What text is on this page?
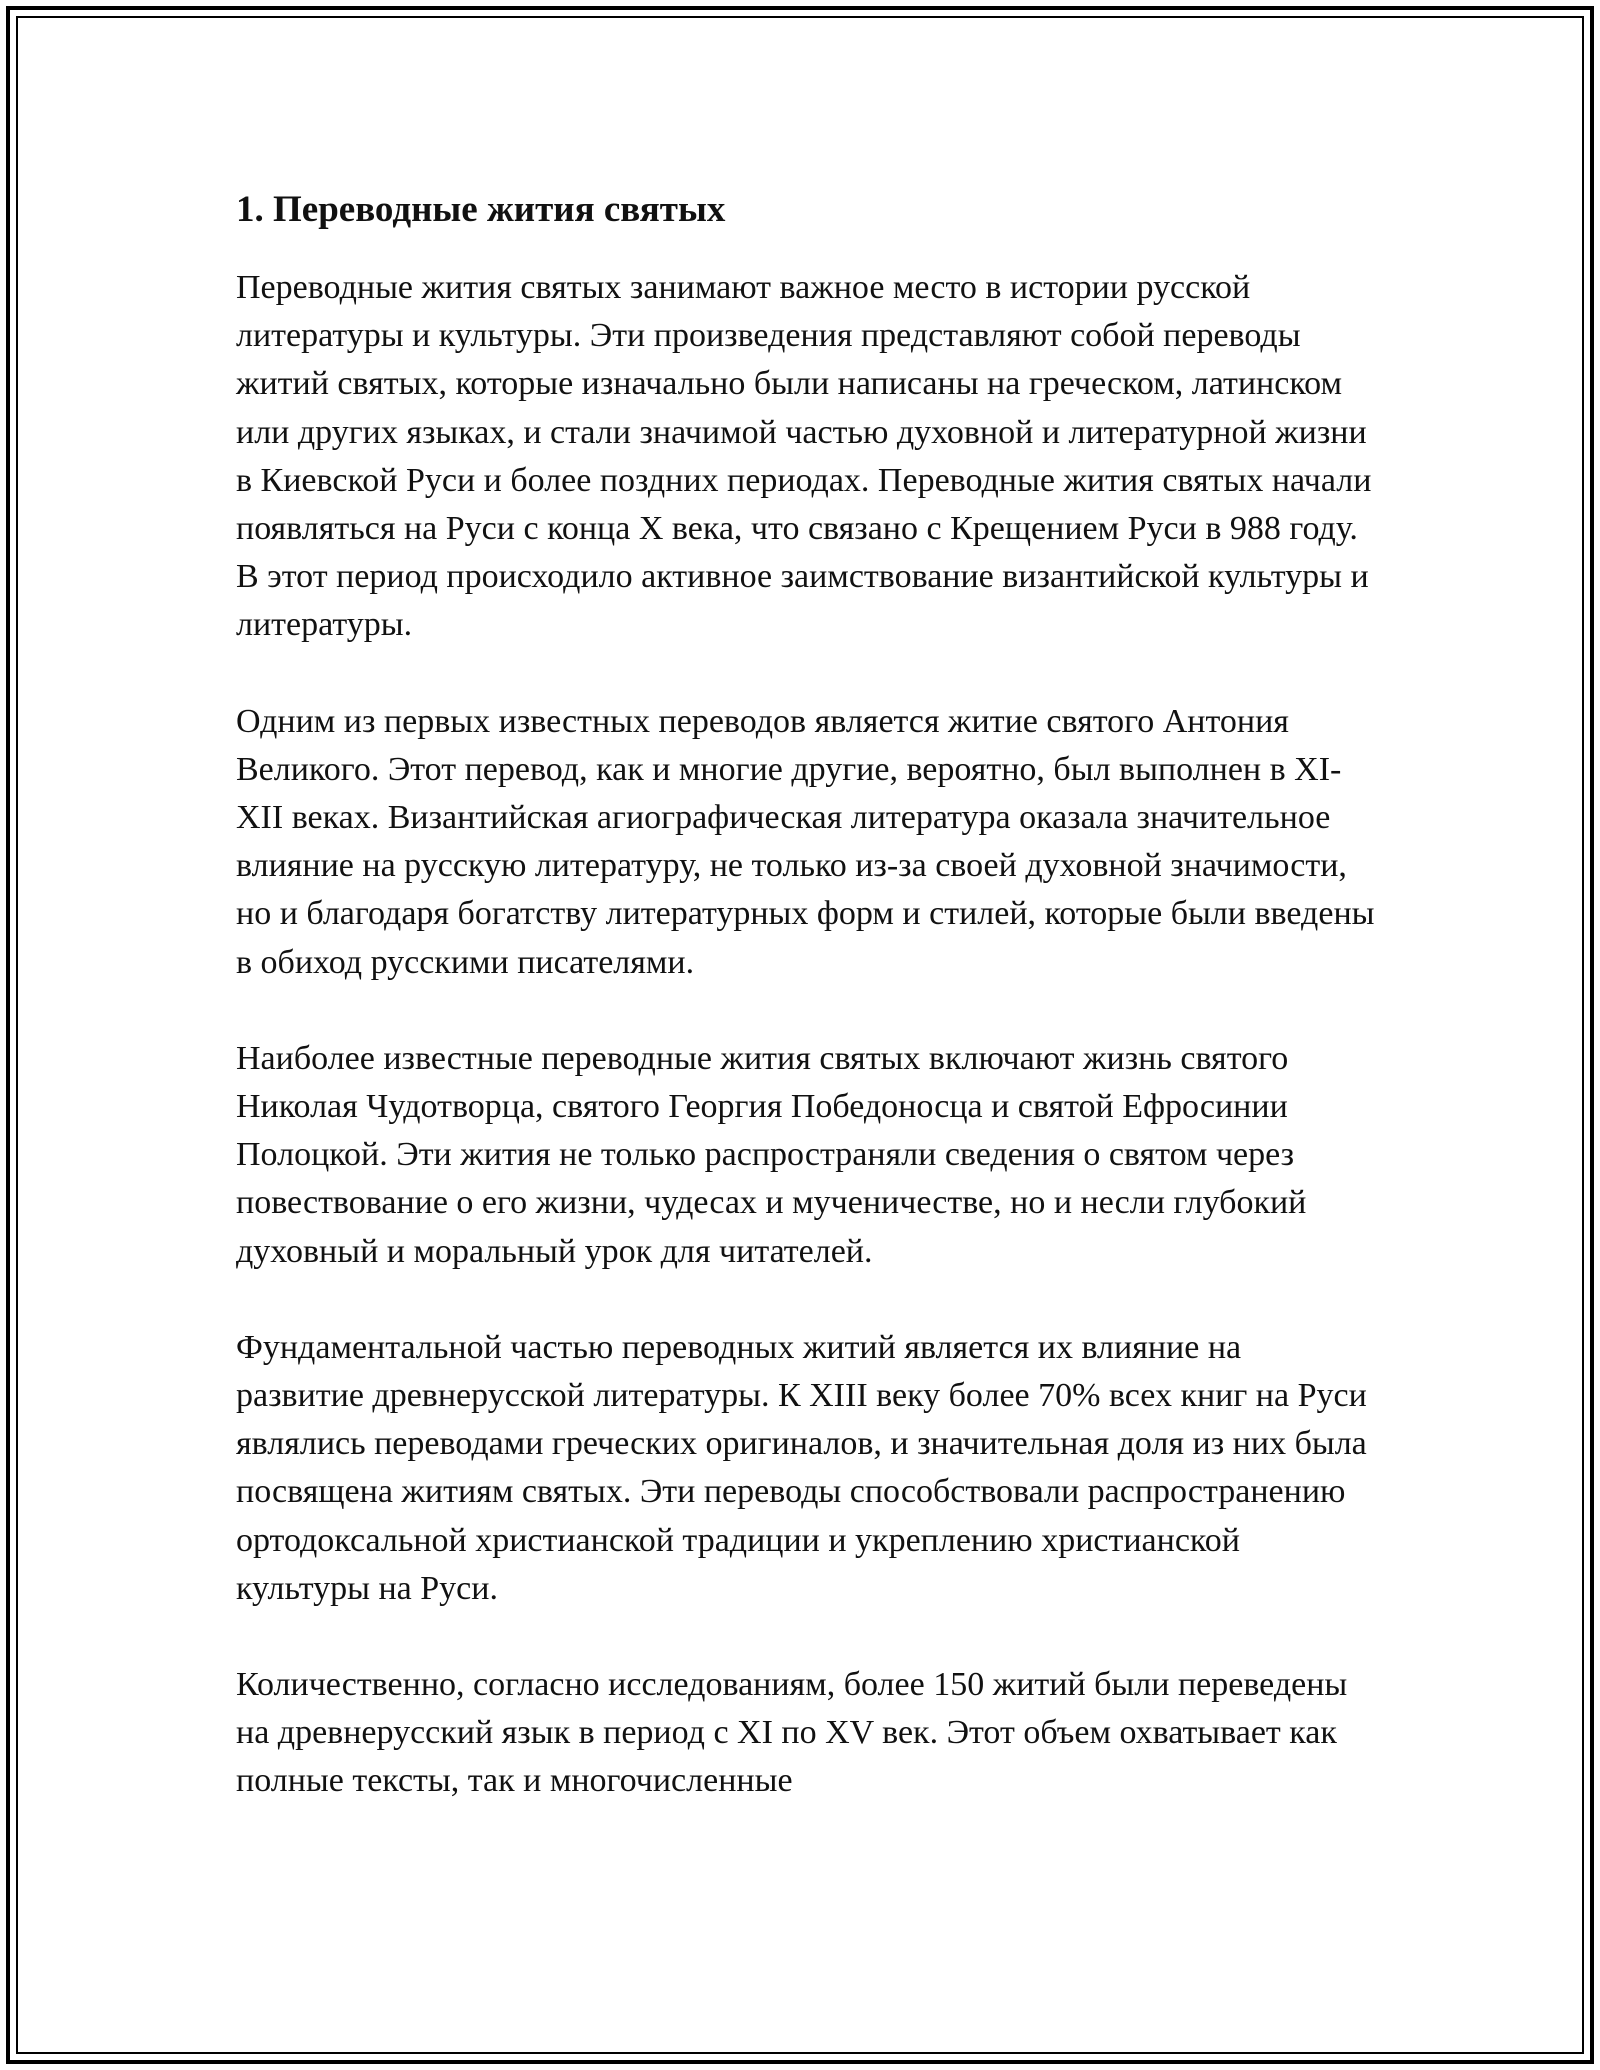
1. Переводные жития святых

Переводные жития святых занимают важное место в истории русской литературы и культуры. Эти произведения представляют собой переводы житий святых, которые изначально были написаны на греческом, латинском или других языках, и стали значимой частью духовной и литературной жизни в Киевской Руси и более поздних периодах. Переводные жития святых начали появляться на Руси с конца X века, что связано с Крещением Руси в 988 году. В этот период происходило активное заимствование византийской культуры и литературы.

Одним из первых известных переводов является житие святого Антония Великого. Этот перевод, как и многие другие, вероятно, был выполнен в XI-XII веках. Византийская агиографическая литература оказала значительное влияние на русскую литературу, не только из-за своей духовной значимости, но и благодаря богатству литературных форм и стилей, которые были введены в обиход русскими писателями.

Наиболее известные переводные жития святых включают жизнь святого Николая Чудотворца, святого Георгия Победоносца и святой Ефросинии Полоцкой. Эти жития не только распространяли сведения о святом через повествование о его жизни, чудесах и мученичестве, но и несли глубокий духовный и моральный урок для читателей.

Фундаментальной частью переводных житий является их влияние на развитие древнерусской литературы. К XIII веку более 70% всех книг на Руси являлись переводами греческих оригиналов, и значительная доля из них была посвящена житиям святых. Эти переводы способствовали распространению ортодоксальной христианской традиции и укреплению христианской культуры на Руси.

Количественно, согласно исследованиям, более 150 житий были переведены на древнерусский язык в период с XI по XV век. Этот объем охватывает как полные тексты, так и многочисленные
